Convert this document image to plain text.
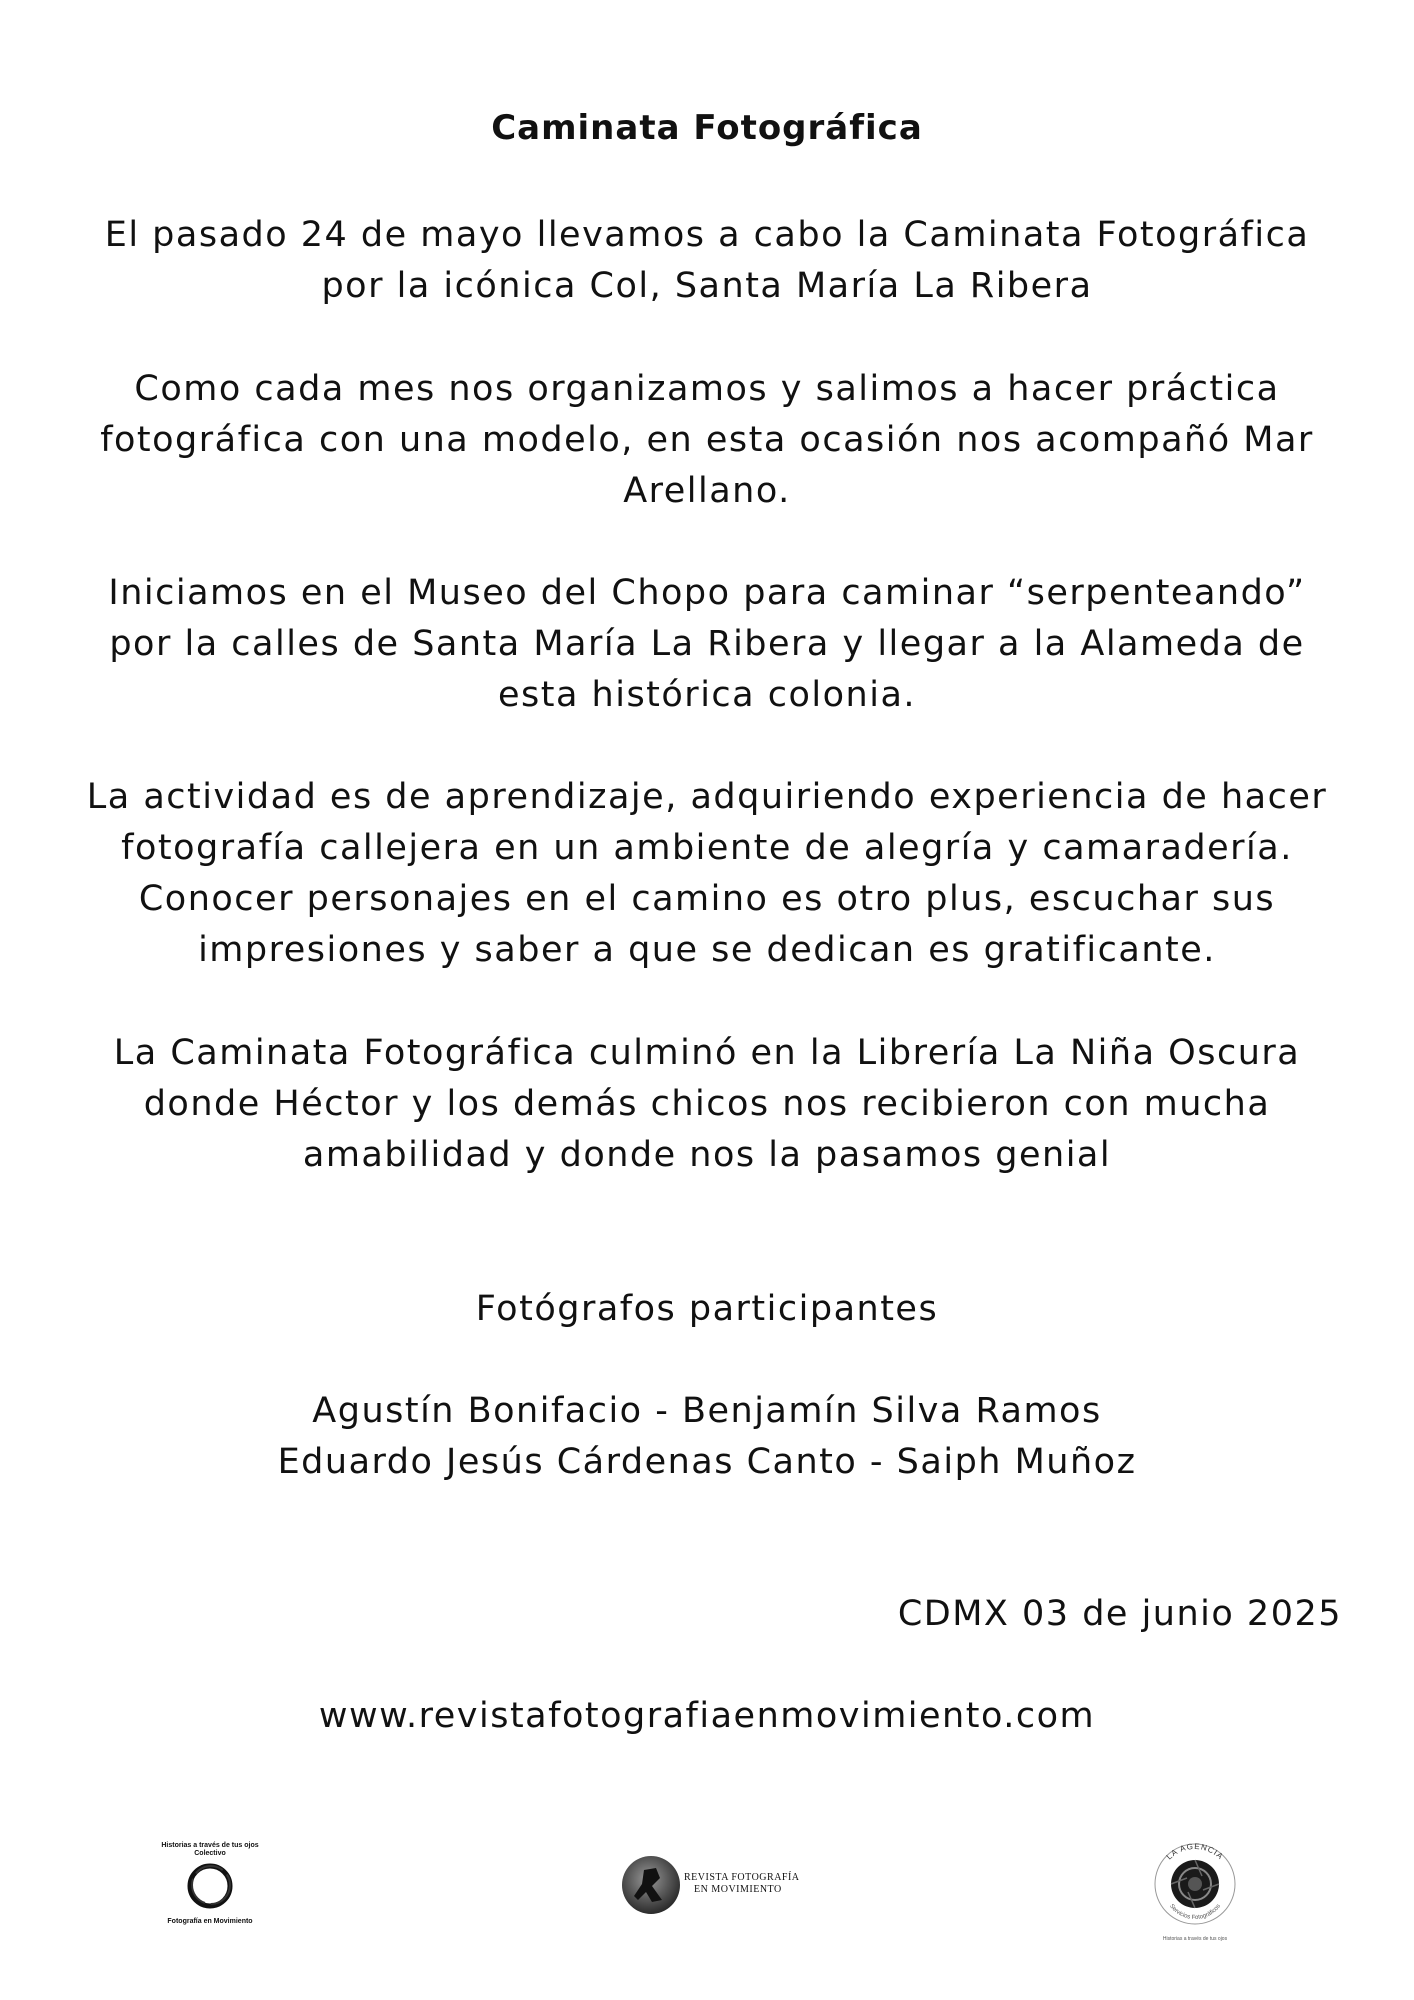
Caminata Fotográfica

El pasado 24 de mayo llevamos a cabo la Caminata Fotográfica
por la icónica Col, Santa María La Ribera

Como cada mes nos organizamos y salimos a hacer práctica
fotográfica con una modelo, en esta ocasión nos acompañó Mar
Arellano.

Iniciamos en el Museo del Chopo para caminar “serpenteando”
por la calles de Santa María La Ribera y llegar a la Alameda de
esta histórica colonia.

La actividad es de aprendizaje, adquiriendo experiencia de hacer
fotografía callejera en un ambiente de alegría y camaradería.
Conocer personajes en el camino es otro plus, escuchar sus
impresiones y saber a que se dedican es gratificante.

La Caminata Fotográfica culminó en la Librería La Niña Oscura
donde Héctor y los demás chicos nos recibieron con mucha
amabilidad y donde nos la pasamos genial

Fotógrafos participantes

Agustín Bonifacio - Benjamín Silva Ramos
Eduardo Jesús Cárdenas Canto - Saiph Muñoz

CDMX 03 de junio 2025
www.revistafotografiaenmovimiento.com
Historias a través de tus ojos
Colectivo
Fotografía en Movimiento
REVISTA FOTOGRAFÍA
EN MOVIMIENTO
LA AGENCIA
Servicios Fotográficos
Historias a través de tus ojos
